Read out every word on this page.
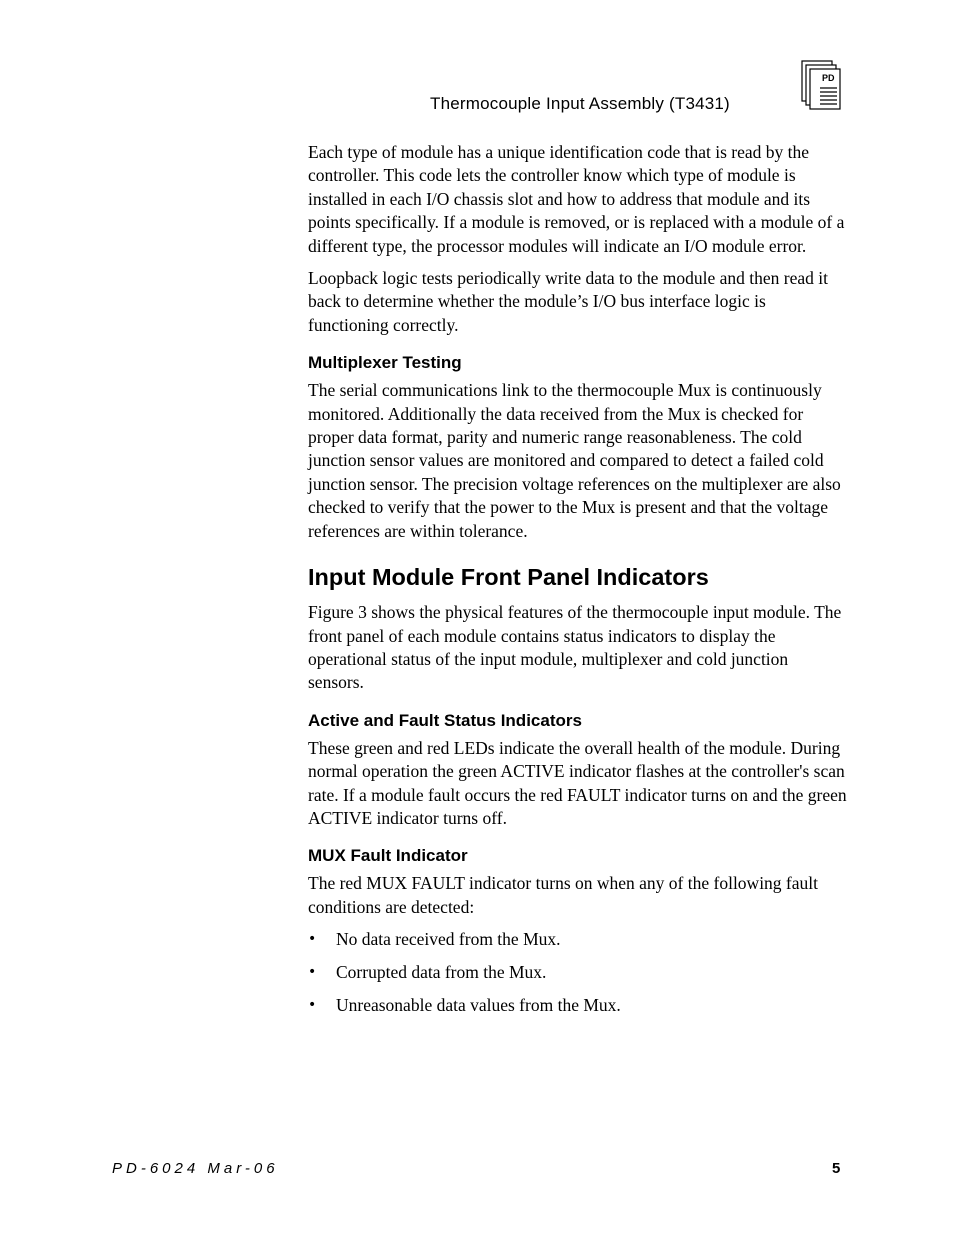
Thermocouple Input Assembly (T3431)
PD

Each type of module has a unique identification code that is read by the controller. This code lets the controller know which type of module is installed in each I/O chassis slot and how to address that module and its points specifically. If a module is removed, or is replaced with a module of a different type, the processor modules will indicate an I/O module error.

Loopback logic tests periodically write data to the module and then read it back to determine whether the module’s I/O bus interface logic is functioning correctly.

Multiplexer Testing

The serial communications link to the thermocouple Mux is continuously monitored. Additionally the data received from the Mux is checked for proper data format, parity and numeric range reasonableness. The cold junction sensor values are monitored and compared to detect a failed cold junction sensor. The precision voltage references on the multiplexer are also checked to verify that the power to the Mux is present and that the voltage references are within tolerance.

Input Module Front Panel Indicators

Figure 3 shows the physical features of the thermocouple input module. The front panel of each module contains status indicators to display the operational status of the input module, multiplexer and cold junction sensors.

Active and Fault Status Indicators

These green and red LEDs indicate the overall health of the module. During normal operation the green ACTIVE indicator flashes at the controller's scan rate. If a module fault occurs the red FAULT indicator turns on and the green ACTIVE indicator turns off.

MUX Fault Indicator

The red MUX FAULT indicator turns on when any of the following fault conditions are detected:

• No data received from the Mux.
• Corrupted data from the Mux.
• Unreasonable data values from the Mux.
PD-6024 Mar-06	5
